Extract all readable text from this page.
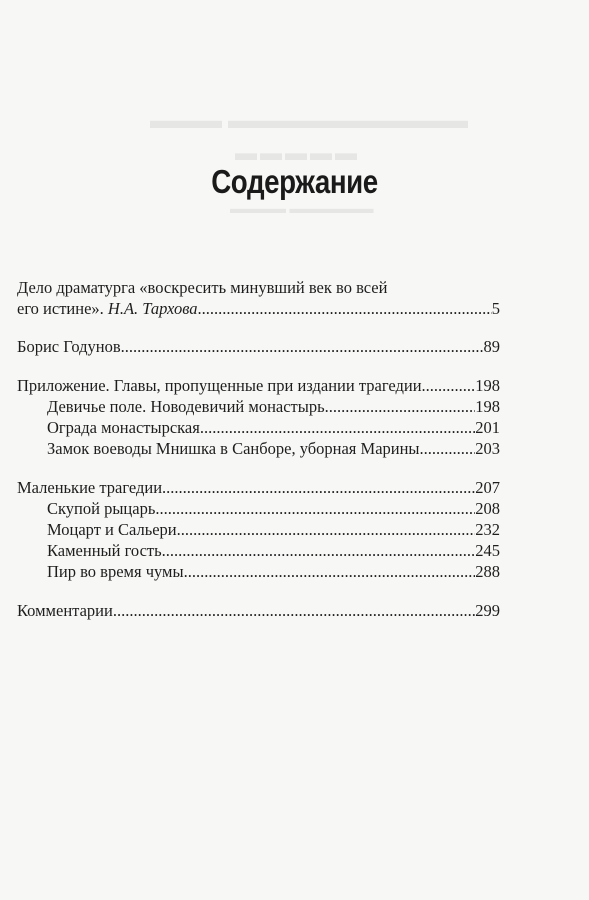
▬▬▬ ▬▬▬▬▬▬▬▬▬▬
▬▬▬▬▬
▬▬▬▬ ▬▬▬▬▬▬
Содержание
Дело драматурга «воскресить минувший век во всей
его истине». Н.А. Тархова .....	5
Борис Годунов .....	89
Приложение. Главы, пропущенные при издании трагедии .....	198
Девичье поле. Новодевичий монастырь .....	198
Ограда монастырская .....	201
Замок воеводы Мнишка в Санборе, уборная Марины .....	203
Маленькие трагедии .....	207
Скупой рыцарь .....	208
Моцарт и Сальери .....	232
Каменный гость .....	245
Пир во время чумы .....	288
Комментарии .....	299
